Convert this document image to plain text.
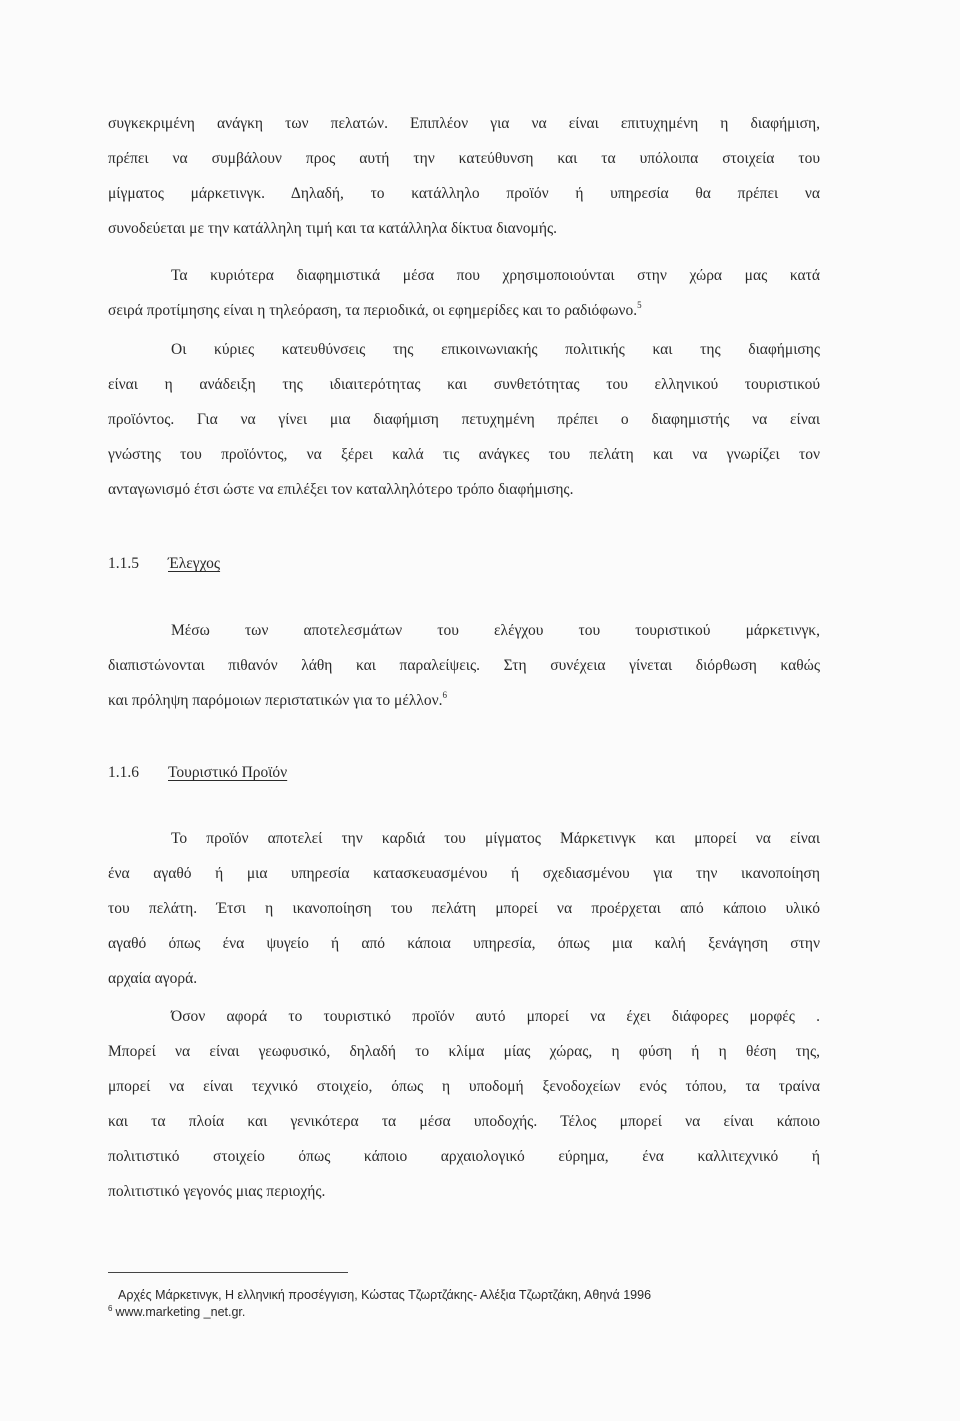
συγκεκριμένη ανάγκη των πελατών. Επιπλέον για να είναι επιτυχημένη η διαφήμιση,
πρέπει να συμβάλουν προς αυτή την κατεύθυνση και τα υπόλοιπα στοιχεία του
μίγματος μάρκετινγκ. Δηλαδή, το κατάλληλο προϊόν ή υπηρεσία θα πρέπει να
συνοδεύεται με την κατάλληλη τιμή και τα κατάλληλα δίκτυα διανομής.
Τα κυριότερα διαφημιστικά μέσα που χρησιμοποιούνται στην χώρα μας κατά
σειρά προτίμησης είναι η τηλεόραση, τα περιοδικά, οι εφημερίδες και το ραδιόφωνο.$^5$
Οι κύριες κατευθύνσεις της επικοινωνιακής πολιτικής και της διαφήμισης
είναι η ανάδειξη της ιδιαιτερότητας και συνθετότητας του ελληνικού τουριστικού
προϊόντος. Για να γίνει μια διαφήμιση πετυχημένη πρέπει ο διαφημιστής να είναι
γνώστης του προϊόντος, να ξέρει καλά τις ανάγκες του πελάτη και να γνωρίζει τον
ανταγωνισμό έτσι ώστε να επιλέξει τον καταλληλότερο τρόπο διαφήμισης.
1.1.5 Έλεγχος
Μέσω των αποτελεσμάτων του ελέγχου του τουριστικού μάρκετινγκ,
διαπιστώνονται πιθανόν λάθη και παραλείψεις. Στη συνέχεια γίνεται διόρθωση καθώς
και πρόληψη παρόμοιων περιστατικών για το μέλλον.$^6$
1.1.6 Τουριστικό Προϊόν
Το προϊόν αποτελεί την καρδιά του μίγματος Μάρκετινγκ και μπορεί να είναι
ένα αγαθό ή μια υπηρεσία κατασκευασμένου ή σχεδιασμένου για την ικανοποίηση
του πελάτη. Έτσι η ικανοποίηση του πελάτη μπορεί να προέρχεται από κάποιο υλικό
αγαθό όπως ένα ψυγείο ή από κάποια υπηρεσία, όπως μια καλή ξενάγηση στην
αρχαία αγορά.
Όσον αφορά το τουριστικό προϊόν αυτό μπορεί να έχει διάφορες μορφές .
Μπορεί να είναι γεωφυσικό, δηλαδή το κλίμα μίας χώρας, η φύση ή η θέση της,
μπορεί να είναι τεχνικό στοιχείο, όπως η υποδομή ξενοδοχείων ενός τόπου, τα τραίνα
και τα πλοία και γενικότερα τα μέσα υποδοχής. Τέλος μπορεί να είναι κάποιο
πολιτιστικό στοιχείο όπως κάποιο αρχαιολογικό εύρημα, ένα καλλιτεχνικό ή
πολιτιστικό γεγονός μιας περιοχής.
Αρχές Μάρκετινγκ, Η ελληνική προσέγγιση, Κώστας Τζωρτζάκης- Αλέξια Τζωρτζάκη, Αθηνά 1996
$^6$ www.marketing _net.gr.
